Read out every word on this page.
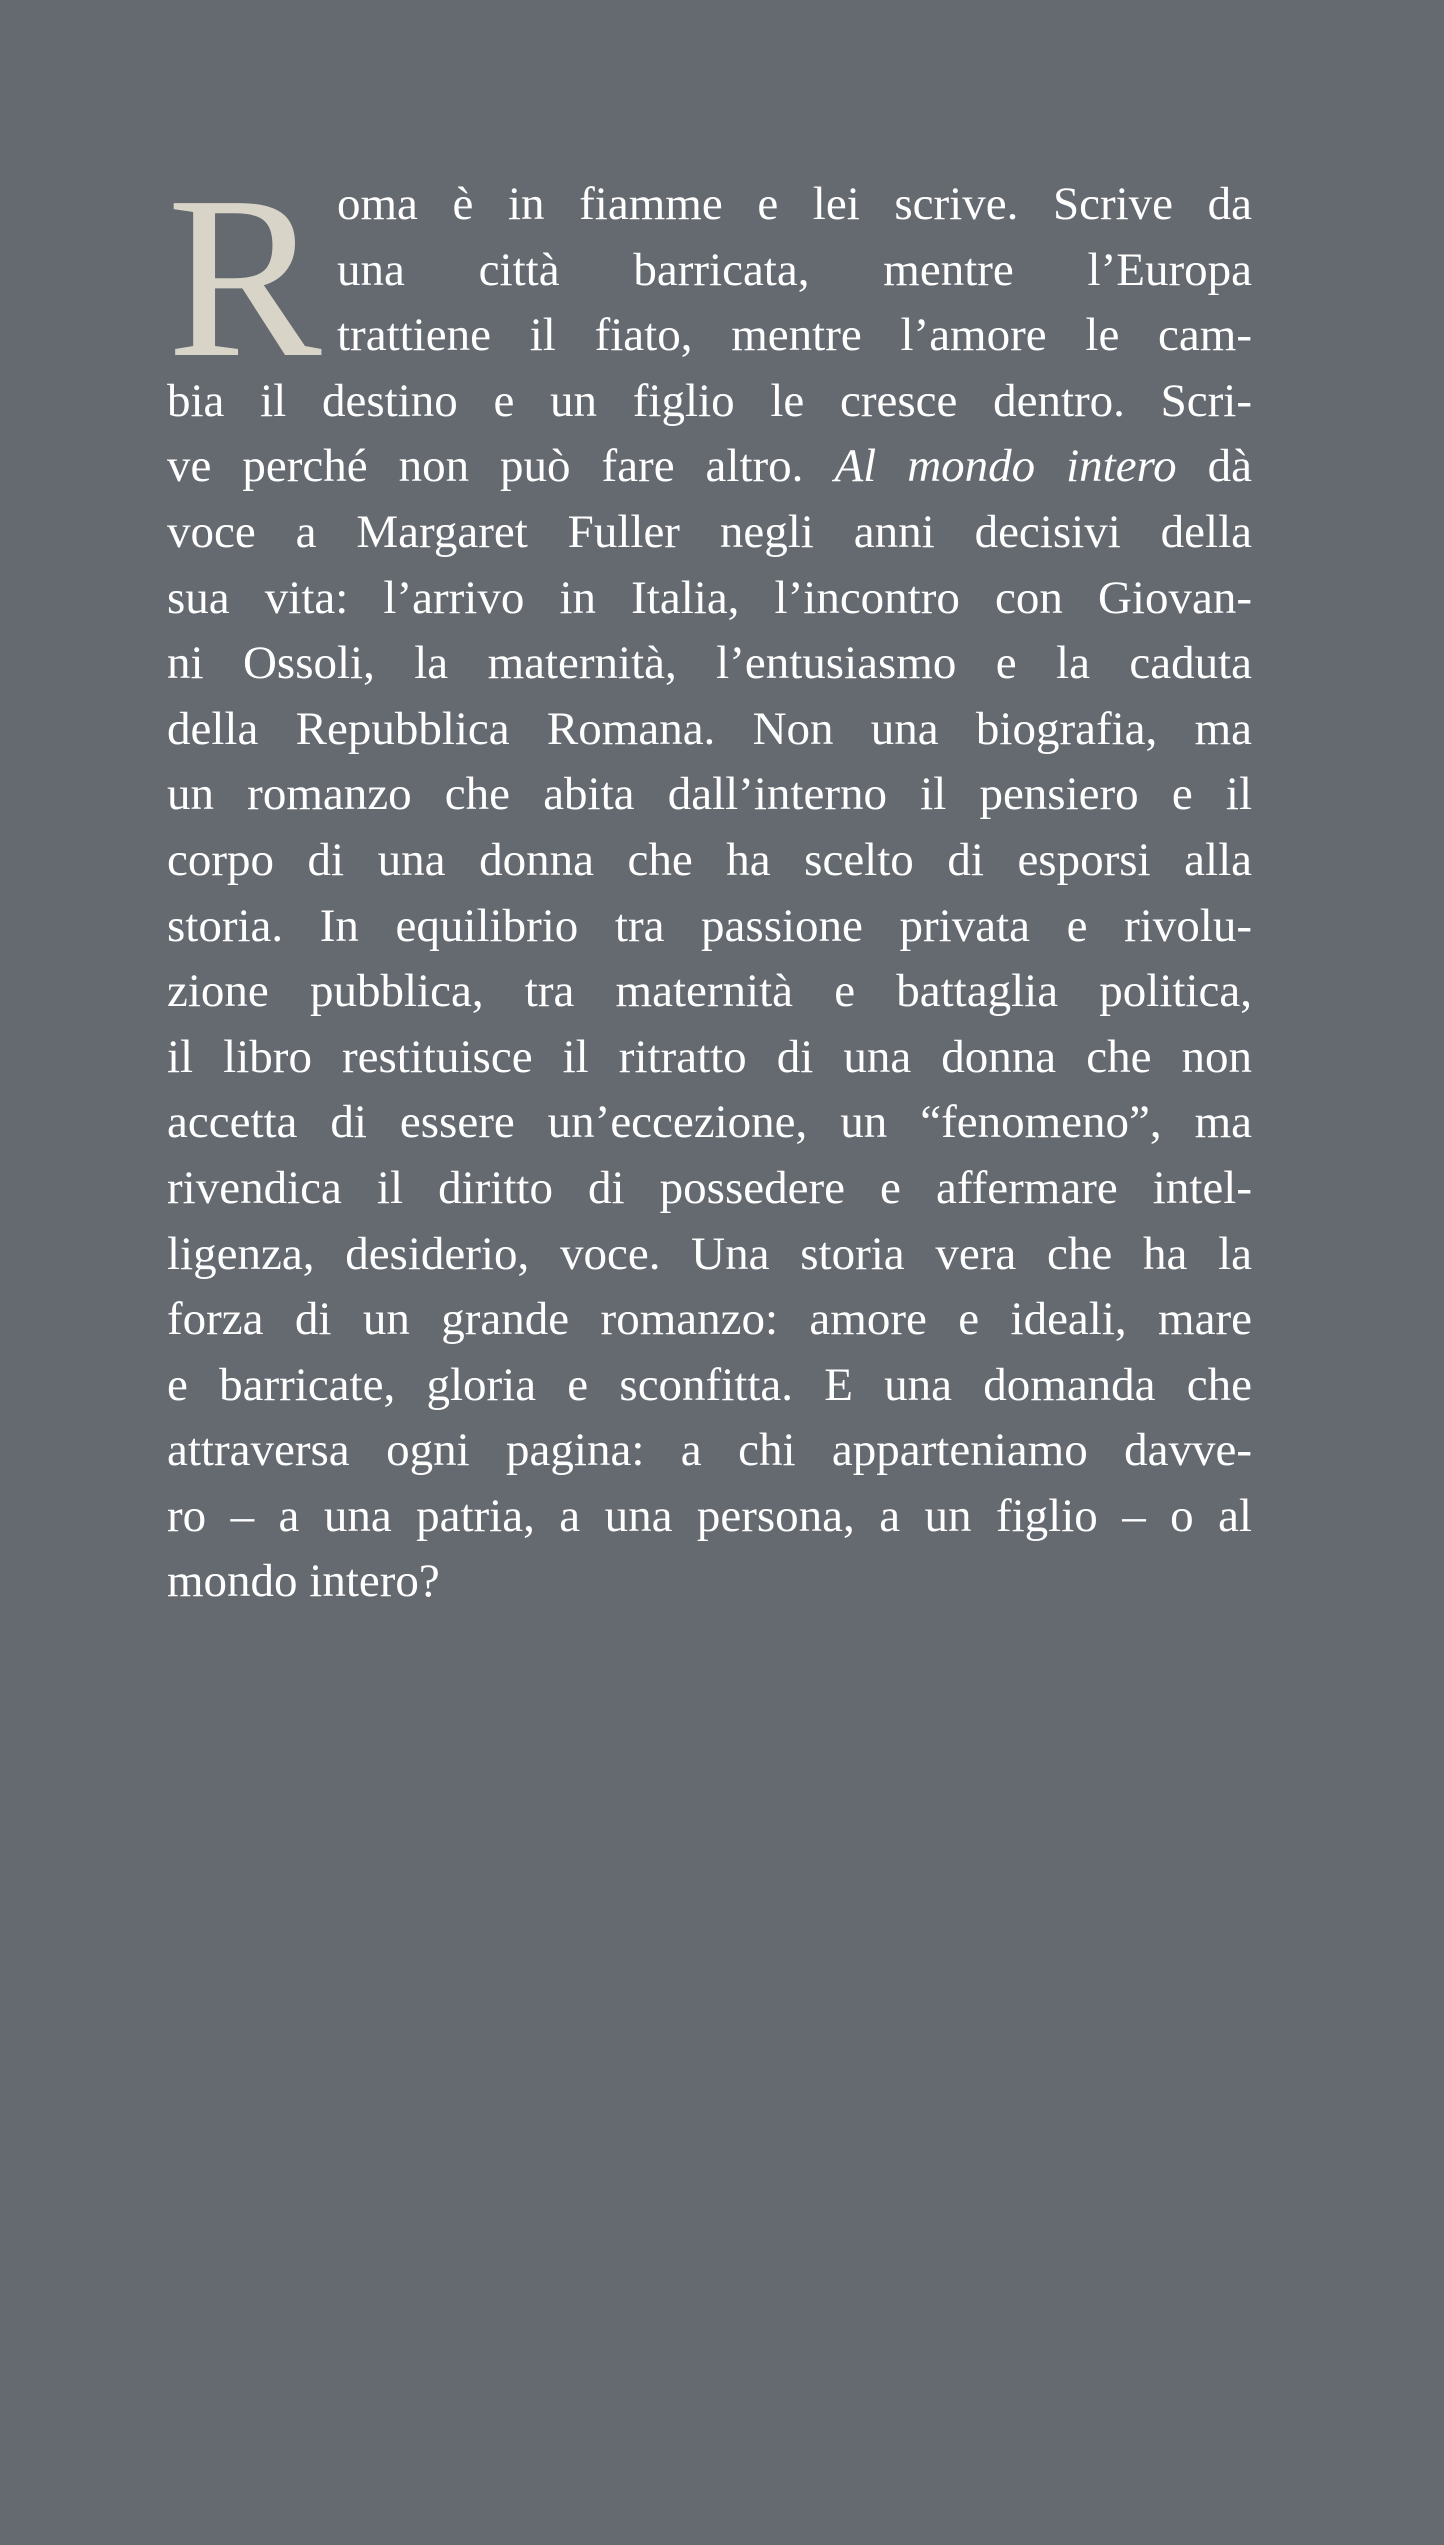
R oma è in fiamme e lei scrive. Scrive da
una città barricata, mentre l’Europa
trattiene il fiato, mentre l’amore le cam-
bia il destino e un figlio le cresce dentro. Scri-
ve perché non può fare altro. Al mondo intero dà
voce a Margaret Fuller negli anni decisivi della
sua vita: l’arrivo in Italia, l’incontro con Giovan-
ni Ossoli, la maternità, l’entusiasmo e la caduta
della Repubblica Romana. Non una biografia, ma
un romanzo che abita dall’interno il pensiero e il
corpo di una donna che ha scelto di esporsi alla
storia. In equilibrio tra passione privata e rivolu-
zione pubblica, tra maternità e battaglia politica,
il libro restituisce il ritratto di una donna che non
accetta di essere un’eccezione, un “fenomeno”, ma
rivendica il diritto di possedere e affermare intel-
ligenza, desiderio, voce. Una storia vera che ha la
forza di un grande romanzo: amore e ideali, mare
e barricate, gloria e sconfitta. E una domanda che
attraversa ogni pagina: a chi apparteniamo davve-
ro – a una patria, a una persona, a un figlio – o al
mondo intero?
